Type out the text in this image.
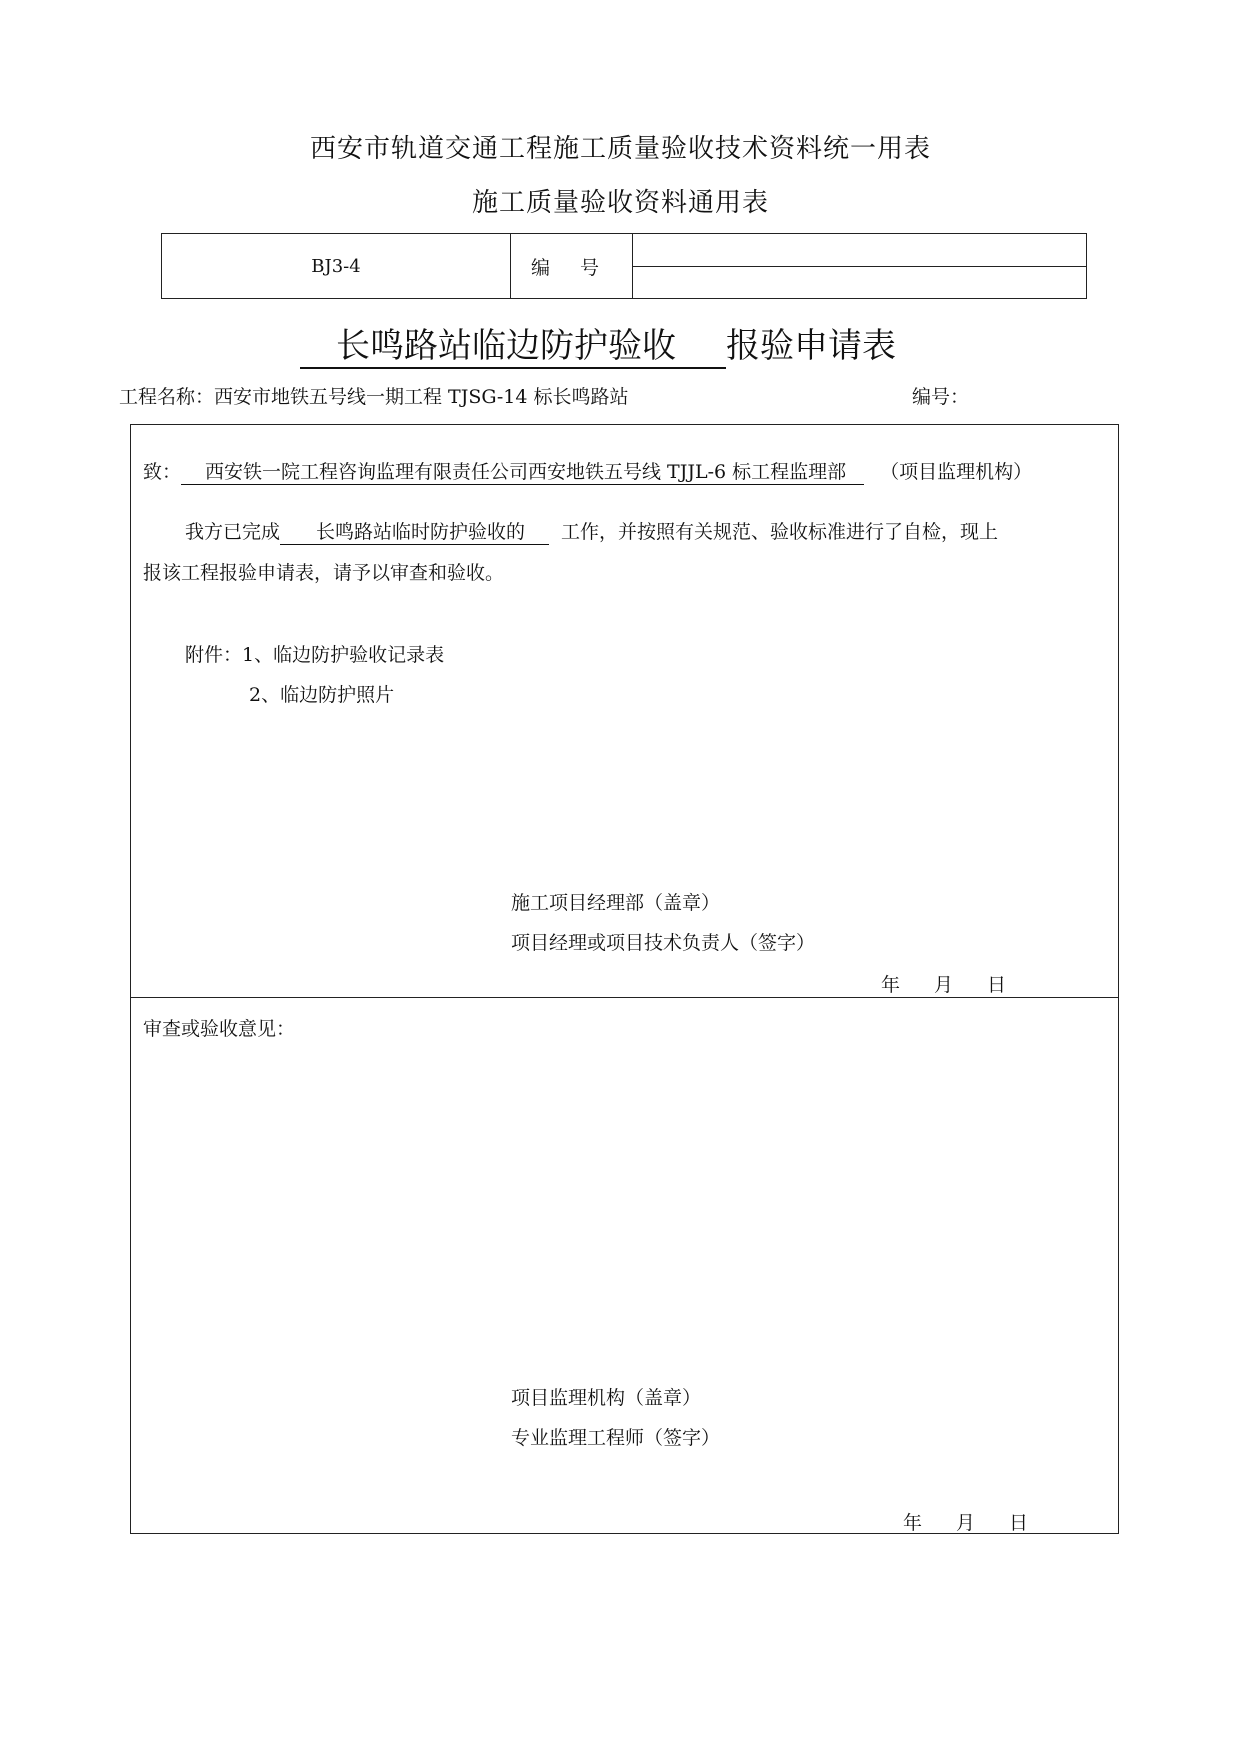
西安市轨道交通工程施工质量验收技术资料统一用表
施工质量验收资料通用表
BJ3-4	编 号
长鸣路站临边防护验收 报验申请表
工程名称：西安市地铁五号线一期工程 TJSG-14 标长鸣路站	编号：
致： 西安铁一院工程咨询监理有限责任公司西安地铁五号线 TJJL-6 标工程监理部 （项目监理机构）
我方已完成 长鸣路站临时防护验收的 工作，并按照有关规范、验收标准进行了自检，现上
报该工程报验申请表，请予以审查和验收。
附件：1、临边防护验收记录表
2、临边防护照片
施工项目经理部（盖章）
项目经理或项目技术负责人（签字）
年 月 日
审查或验收意见：
项目监理机构（盖章）
专业监理工程师（签字）
年 月 日
